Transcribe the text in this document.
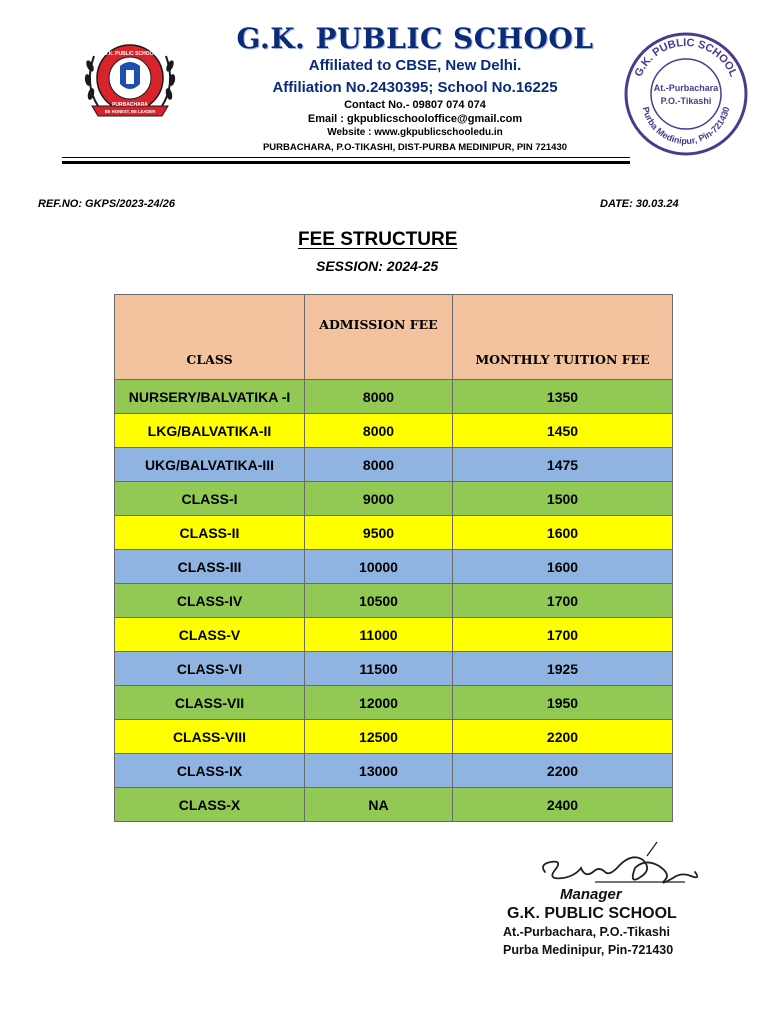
G.K. PUBLIC SCHOOL
PURBACHARA
BE HONEST, BE LEADER
G.K. PUBLIC SCHOOL
Affiliated to CBSE, New Delhi.
Affiliation No.2430395; School No.16225
Contact No.- 09807 074 074
Email : gkpublicschooloffice@gmail.com
Website : www.gkpublicschooledu.in
PURBACHARA, P.O-TIKASHI, DIST-PURBA MEDINIPUR, PIN 721430
G.K. PUBLIC SCHOOL
Purba Medinipur, Pin-721430
At.-Purbachara
P.O.-Tikashi
REF.NO: GKPS/2023-24/26	DATE: 30.03.24
FEE STRUCTURE
SESSION: 2024-25
CLASS	ADMISSION FEE	MONTHLY TUITION FEE
NURSERY/BALVATIKA -I	8000	1350
LKG/BALVATIKA-II	8000	1450
UKG/BALVATIKA-III	8000	1475
CLASS-I	9000	1500
CLASS-II	9500	1600
CLASS-III	10000	1600
CLASS-IV	10500	1700
CLASS-V	11000	1700
CLASS-VI	11500	1925
CLASS-VII	12000	1950
CLASS-VIII	12500	2200
CLASS-IX	13000	2200
CLASS-X	NA	2400
Manager
G.K. PUBLIC SCHOOL
At.-Purbachara, P.O.-Tikashi
Purba Medinipur, Pin-721430
